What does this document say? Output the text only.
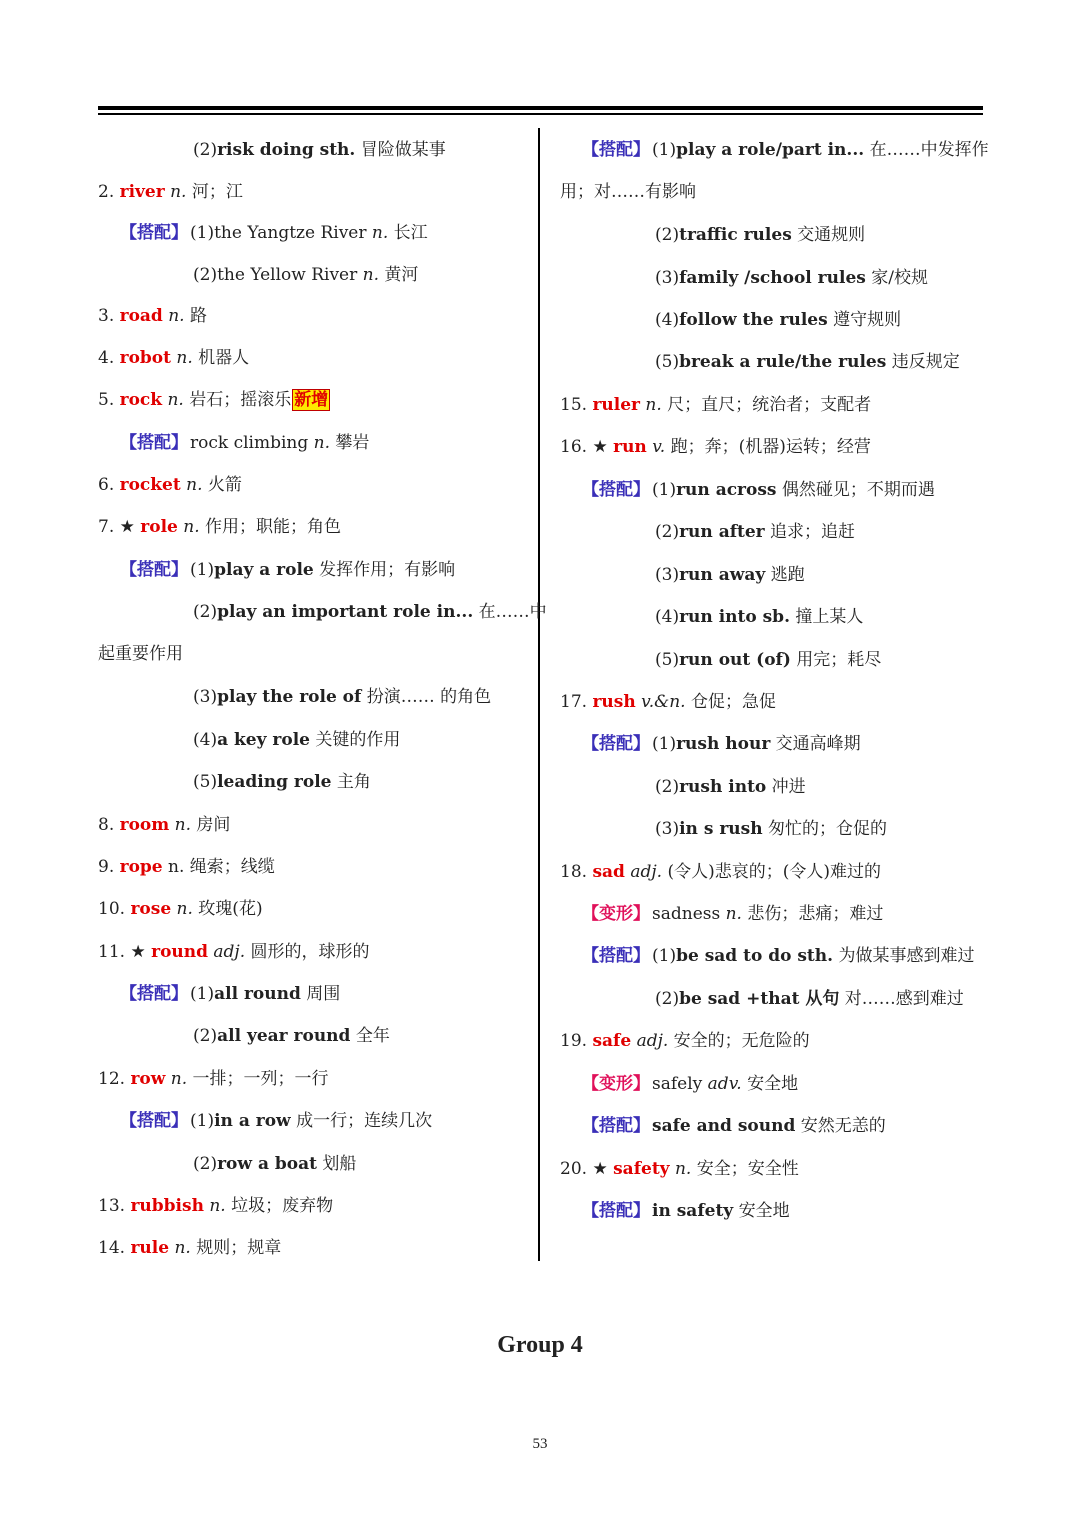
(2)risk doing sth. 冒险做某事
2. river n. 河；江
【搭配】 (1)the Yangtze River n. 长江
(2)the Yellow River n. 黄河
3. road n. 路
4. robot n. 机器人
5. rock n. 岩石；摇滚乐 新增
【搭配】 rock climbing n. 攀岩
6. rocket n. 火箭
7. ★ role n. 作用；职能；角色
【搭配】 (1)play a role 发挥作用；有影响
(2)play an important role in... 在……中
起重要作用
(3)play the role of 扮演…… 的角色
(4)a key role 关键的作用
(5)leading role 主角
8. room n. 房间
9. rope n. 绳索；线缆
10. rose n. 玫瑰(花)
11. ★ round adj. 圆形的，球形的
【搭配】 (1)all round 周围
(2)all year round 全年
12. row n. 一排；一列；一行
【搭配】 (1)in a row 成一行；连续几次
(2)row a boat 划船
13. rubbish n. 垃圾；废弃物
14. rule n. 规则；规章
【搭配】 (1)play a role/part in... 在……中发挥作
用；对……有影响
(2)traffic rules 交通规则
(3)family /school rules 家/校规
(4)follow the rules 遵守规则
(5)break a rule/the rules 违反规定
15. ruler n. 尺；直尺；统治者；支配者
16. ★ run v. 跑；奔；(机器)运转；经营
【搭配】 (1)run across 偶然碰见；不期而遇
(2)run after 追求；追赶
(3)run away 逃跑
(4)run into sb. 撞上某人
(5)run out (of) 用完；耗尽
17. rush v.&n. 仓促；急促
【搭配】 (1)rush hour 交通高峰期
(2)rush into 冲进
(3)in s rush 匆忙的；仓促的
18. sad adj. (令人)悲哀的；(令人)难过的
【变形】 sadness n. 悲伤；悲痛；难过
【搭配】 (1)be sad to do sth. 为做某事感到难过
(2)be sad +that 从句 对……感到难过
19. safe adj. 安全的；无危险的
【变形】 safely adv. 安全地
【搭配】 safe and sound 安然无恙的
20. ★ safety n. 安全；安全性
【搭配】 in safety 安全地
Group 4
53
